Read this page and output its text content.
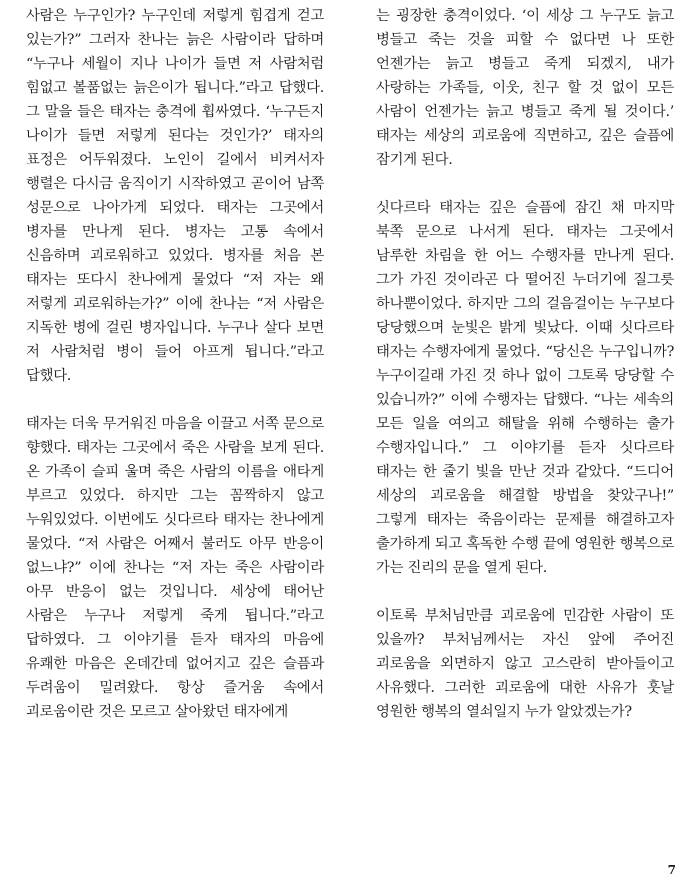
사람은 누구인가? 누구인데 저렇게 힘겹게 걷고 있는가?” 그러자 찬나는 늙은 사람이라 답하며 “누구나 세월이 지나 나이가 들면 저 사람처럼 힘없고 볼품없는 늙은이가 됩니다.”라고 답했다. 그 말을 들은 태자는 충격에 휩싸였다. ‘누구든지 나이가 들면 저렇게 된다는 것인가?’ 태자의 표정은 어두워졌다. 노인이 길에서 비켜서자 행렬은 다시금 움직이기 시작하였고 곧이어 남쪽 성문으로 나아가게 되었다. 태자는 그곳에서 병자를 만나게 된다. 병자는 고통 속에서 신음하며 괴로워하고 있었다. 병자를 처음 본 태자는 또다시 찬나에게 물었다 “저 자는 왜 저렇게 괴로워하는가?” 이에 찬나는 “저 사람은 지독한 병에 걸린 병자입니다. 누구나 살다 보면 저 사람처럼 병이 들어 아프게 됩니다.”라고 답했다.

태자는 더욱 무거워진 마음을 이끌고 서쪽 문으로 향했다. 태자는 그곳에서 죽은 사람을 보게 된다. 온 가족이 슬피 울며 죽은 사람의 이름을 애타게 부르고 있었다. 하지만 그는 꼼짝하지 않고 누워있었다. 이번에도 싯다르타 태자는 찬나에게 물었다. “저 사람은 어째서 불러도 아무 반응이 없느냐?” 이에 찬나는 “저 자는 죽은 사람이라 아무 반응이 없는 것입니다. 세상에 태어난 사람은 누구나 저렇게 죽게 됩니다.”라고 답하였다. 그 이야기를 듣자 태자의 마음에 유쾌한 마음은 온데간데 없어지고 깊은 슬픔과 두려움이 밀려왔다. 항상 즐거움 속에서 괴로움이란 것은 모르고 살아왔던 태자에게

는 굉장한 충격이었다. ‘이 세상 그 누구도 늙고 병들고 죽는 것을 피할 수 없다면 나 또한 언젠가는 늙고 병들고 죽게 되겠지, 내가 사랑하는 가족들, 이웃, 친구 할 것 없이 모든 사람이 언젠가는 늙고 병들고 죽게 될 것이다.’ 태자는 세상의 괴로움에 직면하고, 깊은 슬픔에 잠기게 된다.

싯다르타 태자는 깊은 슬픔에 잠긴 채 마지막 북쪽 문으로 나서게 된다. 태자는 그곳에서 남루한 차림을 한 어느 수행자를 만나게 된다. 그가 가진 것이라곤 다 떨어진 누더기에 질그릇 하나뿐이었다. 하지만 그의 걸음걸이는 누구보다 당당했으며 눈빛은 밝게 빛났다. 이때 싯다르타 태자는 수행자에게 물었다. “당신은 누구입니까? 누구이길래 가진 것 하나 없이 그토록 당당할 수 있습니까?” 이에 수행자는 답했다. “나는 세속의 모든 일을 여의고 해탈을 위해 수행하는 출가 수행자입니다.” 그 이야기를 듣자 싯다르타 태자는 한 줄기 빛을 만난 것과 같았다. “드디어 세상의 괴로움을 해결할 방법을 찾았구나!” 그렇게 태자는 죽음이라는 문제를 해결하고자 출가하게 되고 혹독한 수행 끝에 영원한 행복으로 가는 진리의 문을 열게 된다.

이토록 부처님만큼 괴로움에 민감한 사람이 또 있을까? 부처님께서는 자신 앞에 주어진 괴로움을 외면하지 않고 고스란히 받아들이고 사유했다. 그러한 괴로움에 대한 사유가 훗날 영원한 행복의 열쇠일지 누가 알았겠는가?

7
